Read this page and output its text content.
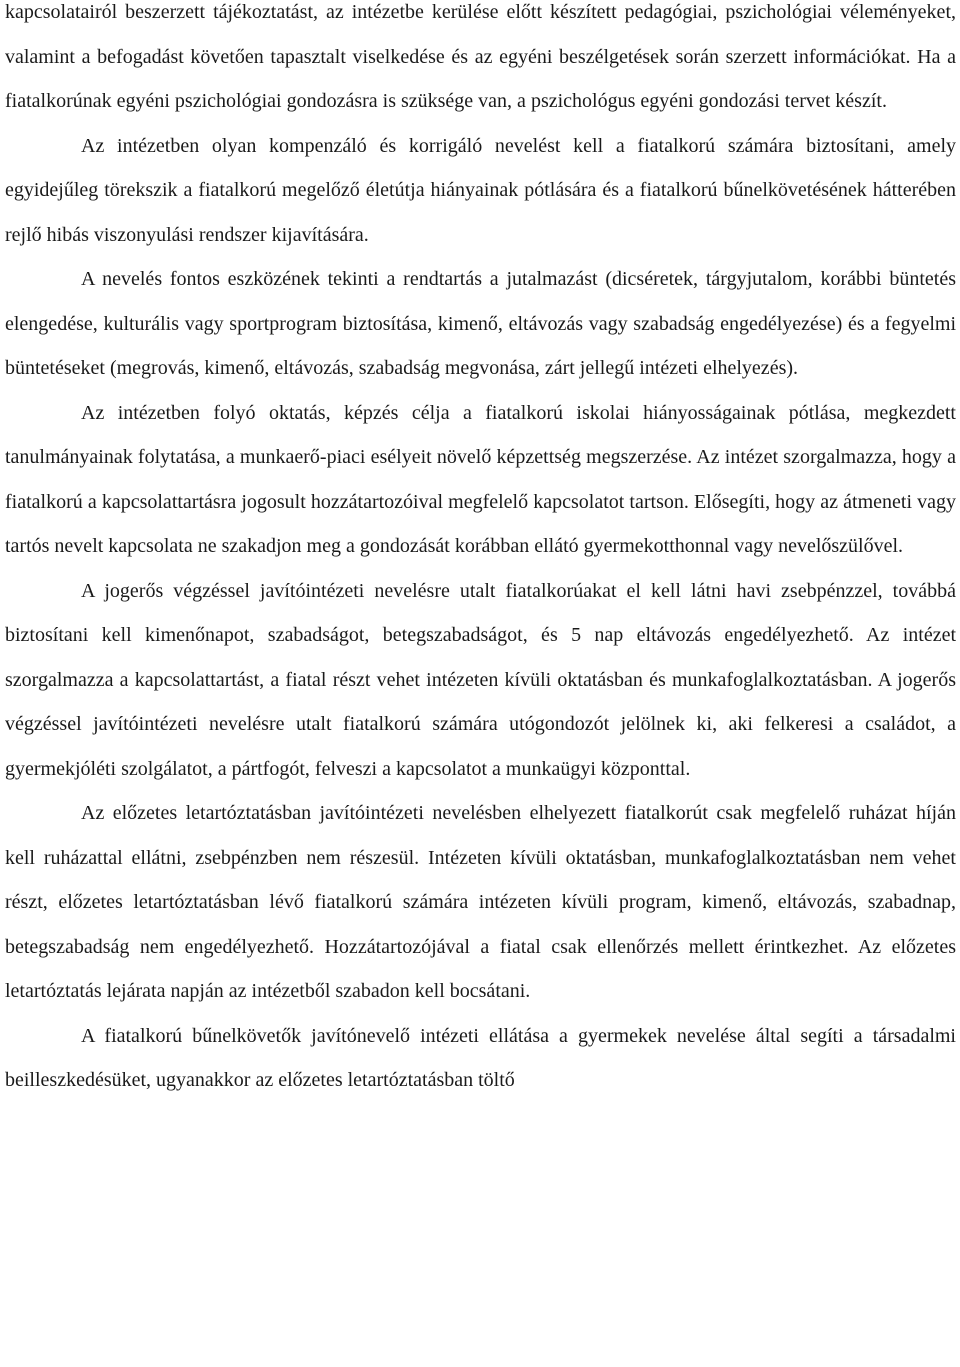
kapcsolatairól beszerzett tájékoztatást, az intézetbe kerülése előtt készített pedagógiai, pszichológiai véleményeket, valamint a befogadást követően tapasztalt viselkedése és az egyéni beszélgetések során szerzett információkat. Ha a fiatalkorúnak egyéni pszichológiai gondozásra is szüksége van, a pszichológus egyéni gondozási tervet készít.

Az intézetben olyan kompenzáló és korrigáló nevelést kell a fiatalkorú számára biztosítani, amely egyidejűleg törekszik a fiatalkorú megelőző életútja hiányainak pótlására és a fiatalkorú bűnelkövetésének hátterében rejlő hibás viszonyulási rendszer kijavítására.

A nevelés fontos eszközének tekinti a rendtartás a jutalmazást (dicséretek, tárgyjutalom, korábbi büntetés elengedése, kulturális vagy sportprogram biztosítása, kimenő, eltávozás vagy szabadság engedélyezése) és a fegyelmi büntetéseket (megrovás, kimenő, eltávozás, szabadság megvonása, zárt jellegű intézeti elhelyezés).

Az intézetben folyó oktatás, képzés célja a fiatalkorú iskolai hiányosságainak pótlása, megkezdett tanulmányainak folytatása, a munkaerő-piaci esélyeit növelő képzettség megszerzése. Az intézet szorgalmazza, hogy a fiatalkorú a kapcsolattartásra jogosult hozzátartozóival megfelelő kapcsolatot tartson. Elősegíti, hogy az átmeneti vagy tartós nevelt kapcsolata ne szakadjon meg a gondozását korábban ellátó gyermekotthonnal vagy nevelőszülővel.

A jogerős végzéssel javítóintézeti nevelésre utalt fiatalkorúakat el kell látni havi zsebpénzzel, továbbá biztosítani kell kimenőnapot, szabadságot, betegszabadságot, és 5 nap eltávozás engedélyezhető. Az intézet szorgalmazza a kapcsolattartást, a fiatal részt vehet intézeten kívüli oktatásban és munkafoglalkoztatásban. A jogerős végzéssel javítóintézeti nevelésre utalt fiatalkorú számára utógondozót jelölnek ki, aki felkeresi a családot, a gyermekjóléti szolgálatot, a pártfogót, felveszi a kapcsolatot a munkaügyi központtal.

Az előzetes letartóztatásban javítóintézeti nevelésben elhelyezett fiatalkorút csak megfelelő ruházat híján kell ruházattal ellátni, zsebpénzben nem részesül. Intézeten kívüli oktatásban, munkafoglalkoztatásban nem vehet részt, előzetes letartóztatásban lévő fiatalkorú számára intézeten kívüli program, kimenő, eltávozás, szabadnap, betegszabadság nem engedélyezhető. Hozzátartozójával a fiatal csak ellenőrzés mellett érintkezhet. Az előzetes letartóztatás lejárata napján az intézetből szabadon kell bocsátani.

A fiatalkorú bűnelkövetők javítónevelő intézeti ellátása a gyermekek nevelése által segíti a társadalmi beilleszkedésüket, ugyanakkor az előzetes letartóztatásban töltő
